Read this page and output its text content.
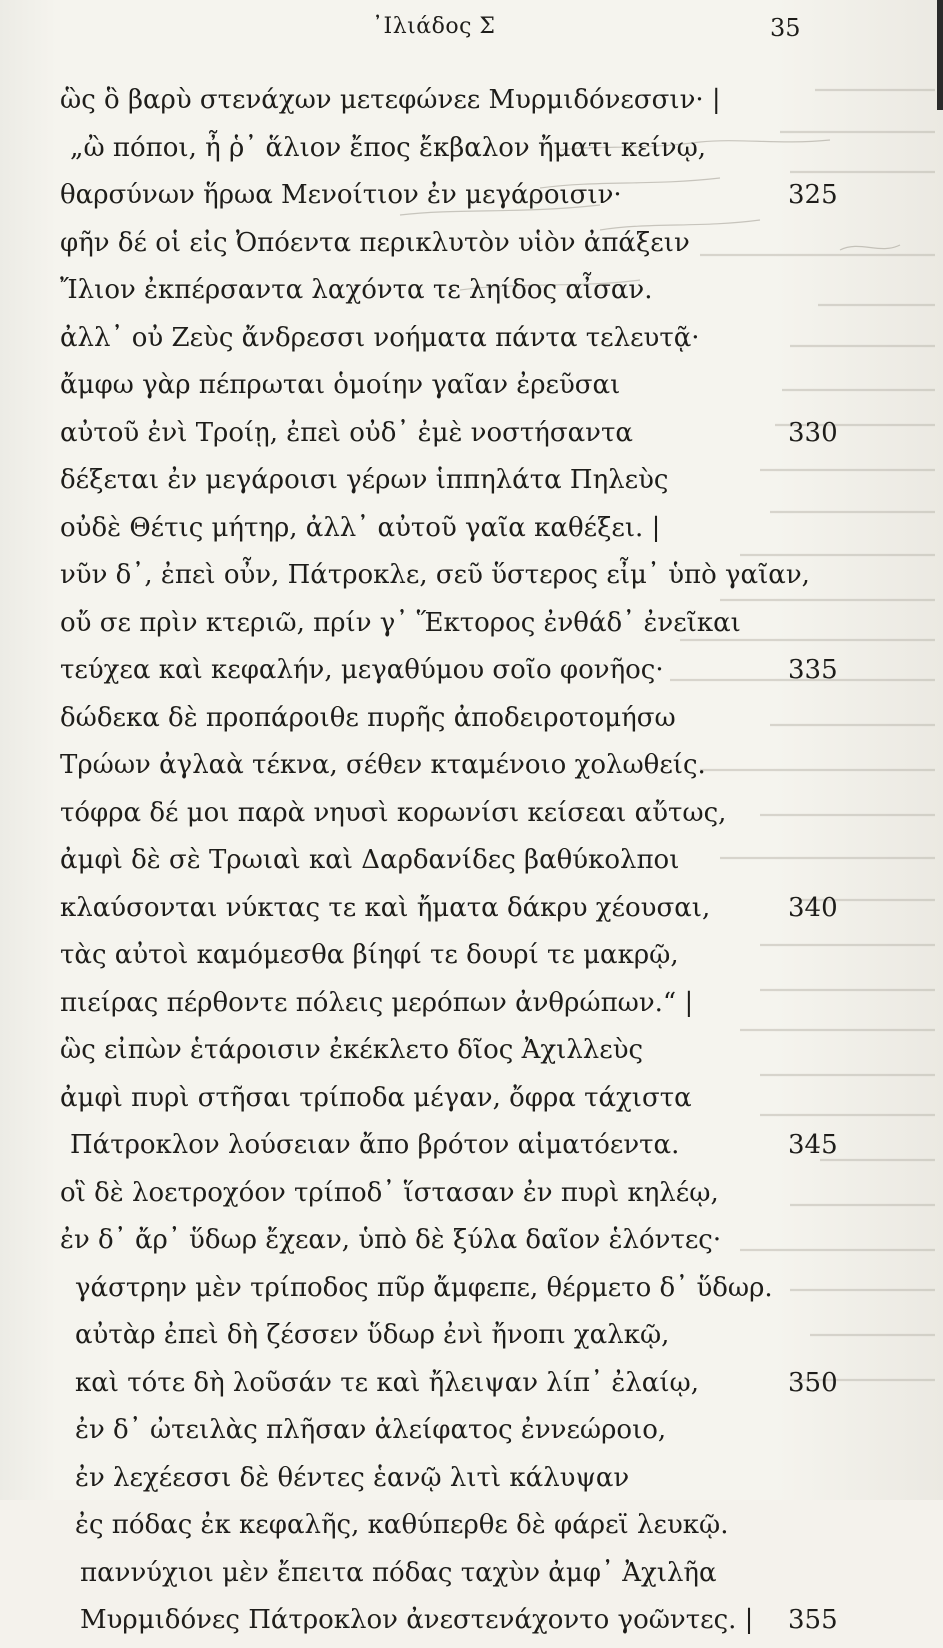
᾽Ιλιάδος Σ	35
ὣς ὃ βαρὺ στενάχων μετεφώνεε Μυρμιδόνεσσιν· |
„ὢ πόποι, ἦ ῥ᾽ ἅλιον ἔπος ἔκβαλον ἤματι κείνῳ,
θαρσύνων ἥρωα Μενοίτιον ἐν μεγάροισιν·	325
φῆν δέ οἱ εἰς Ὀπόεντα περικλυτὸν υἱὸν ἀπάξειν
Ἴλιον ἐκπέρσαντα λαχόντα τε ληίδος αἶσαν.
ἀλλ᾽ οὐ Ζεὺς ἄνδρεσσι νοήματα πάντα τελευτᾷ·
ἄμφω γὰρ πέπρωται ὁμοίην γαῖαν ἐρεῦσαι
αὐτοῦ ἐνὶ Τροίῃ, ἐπεὶ οὐδ᾽ ἐμὲ νοστήσαντα	330
δέξεται ἐν μεγάροισι γέρων ἱππηλάτα Πηλεὺς
οὐδὲ Θέτις μήτηρ, ἀλλ᾽ αὐτοῦ γαῖα καθέξει. |
νῦν δ᾽, ἐπεὶ οὖν, Πάτροκλε, σεῦ ὕστερος εἶμ᾽ ὑπὸ γαῖαν,
οὔ σε πρὶν κτεριῶ, πρίν γ᾽ Ἕκτορος ἐνθάδ᾽ ἐνεῖκαι
τεύχεα καὶ κεφαλήν, μεγαθύμου σοῖο φονῆος·	335
δώδεκα δὲ προπάροιθε πυρῆς ἀποδειροτομήσω
Τρώων ἀγλαὰ τέκνα, σέθεν κταμένοιο χολωθείς.
τόφρα δέ μοι παρὰ νηυσὶ κορωνίσι κείσεαι αὔτως,
ἀμφὶ δὲ σὲ Τρωιαὶ καὶ Δαρδανίδες βαθύκολποι
κλαύσονται νύκτας τε καὶ ἤματα δάκρυ χέουσαι,	340
τὰς αὐτοὶ καμόμεσθα βίηφί τε δουρί τε μακρῷ,
πιείρας πέρθοντε πόλεις μερόπων ἀνθρώπων.“ |
ὣς εἰπὼν ἑτάροισιν ἐκέκλετο δῖος Ἀχιλλεὺς
ἀμφὶ πυρὶ στῆσαι τρίποδα μέγαν, ὄφρα τάχιστα
Πάτροκλον λούσειαν ἄπο βρότον αἱματόεντα.	345
οἳ δὲ λοετροχόον τρίποδ᾽ ἵστασαν ἐν πυρὶ κηλέῳ,
ἐν δ᾽ ἄρ᾽ ὕδωρ ἔχεαν, ὑπὸ δὲ ξύλα δαῖον ἑλόντες·
γάστρην μὲν τρίποδος πῦρ ἄμφεπε, θέρμετο δ᾽ ὕδωρ.
αὐτὰρ ἐπεὶ δὴ ζέσσεν ὕδωρ ἐνὶ ἤνοπι χαλκῷ,
καὶ τότε δὴ λοῦσάν τε καὶ ἤλειψαν λίπ᾽ ἐλαίῳ,	350
ἐν δ᾽ ὠτειλὰς πλῆσαν ἀλείφατος ἐννεώροιο,
ἐν λεχέεσσι δὲ θέντες ἑανῷ λιτὶ κάλυψαν
ἐς πόδας ἐκ κεφαλῆς, καθύπερθε δὲ φάρεϊ λευκῷ.
παννύχιοι μὲν ἔπειτα πόδας ταχὺν ἀμφ᾽ Ἀχιλῆα
Μυρμιδόνες Πάτροκλον ἀνεστενάχοντο γοῶντες. | 355
